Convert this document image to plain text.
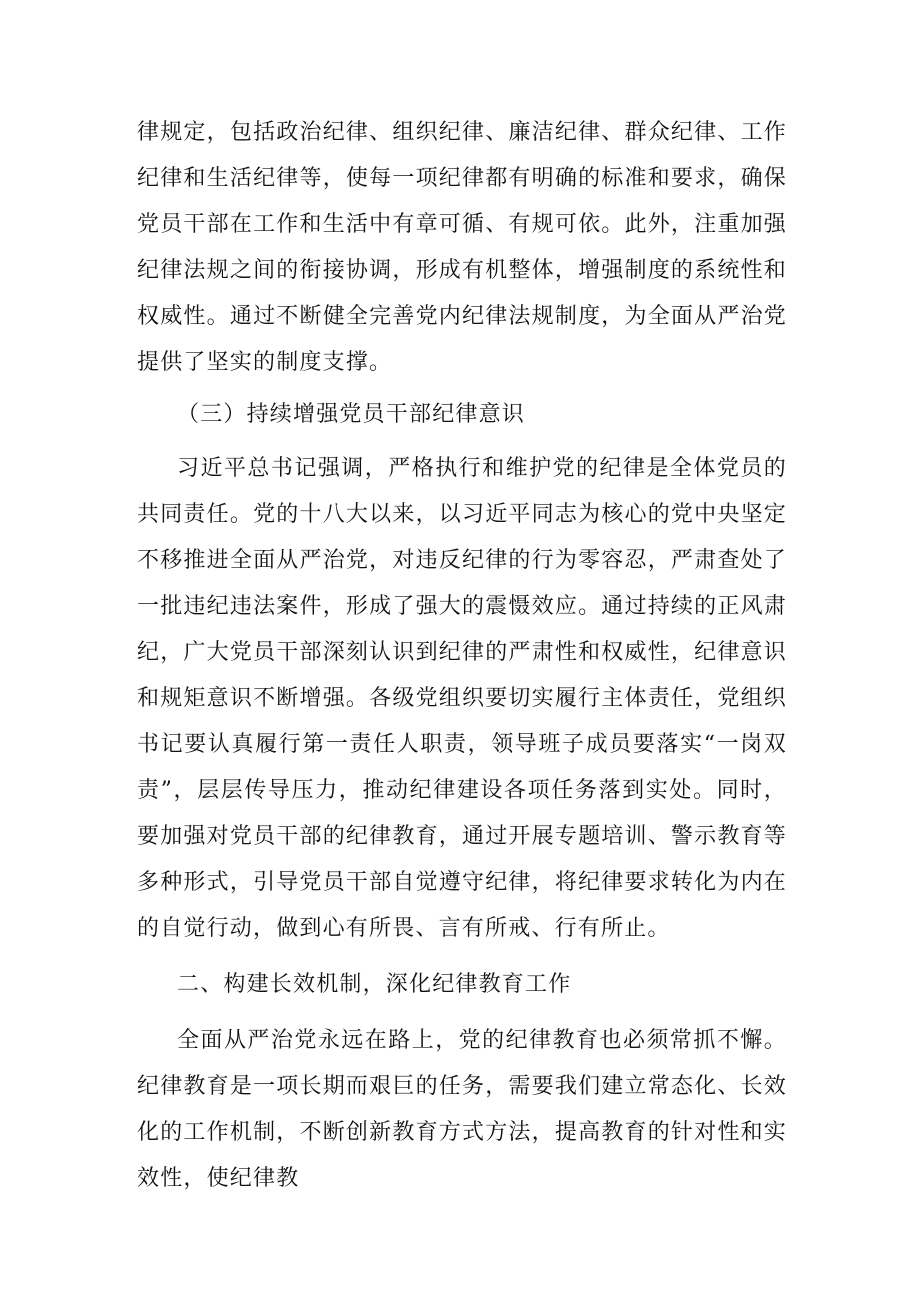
律规定，包括政治纪律、组织纪律、廉洁纪律、群众纪律、工作纪律和生活纪律等，使每一项纪律都有明确的标准和要求，确保党员干部在工作和生活中有章可循、有规可依。此外，注重加强纪律法规之间的衔接协调，形成有机整体，增强制度的系统性和权威性。通过不断健全完善党内纪律法规制度，为全面从严治党提供了坚实的制度支撑。

（三）持续增强党员干部纪律意识

习近平总书记强调，严格执行和维护党的纪律是全体党员的共同责任。党的十八大以来，以习近平同志为核心的党中央坚定不移推进全面从严治党，对违反纪律的行为零容忍，严肃查处了一批违纪违法案件，形成了强大的震慑效应。通过持续的正风肃纪，广大党员干部深刻认识到纪律的严肃性和权威性，纪律意识和规矩意识不断增强。各级党组织要切实履行主体责任，党组织书记要认真履行第一责任人职责，领导班子成员要落实“一岗双责”，层层传导压力，推动纪律建设各项任务落到实处。同时，要加强对党员干部的纪律教育，通过开展专题培训、警示教育等多种形式，引导党员干部自觉遵守纪律，将纪律要求转化为内在的自觉行动，做到心有所畏、言有所戒、行有所止。

二、构建长效机制，深化纪律教育工作

全面从严治党永远在路上，党的纪律教育也必须常抓不懈。纪律教育是一项长期而艰巨的任务，需要我们建立常态化、长效化的工作机制，不断创新教育方式方法，提高教育的针对性和实效性，使纪律教
